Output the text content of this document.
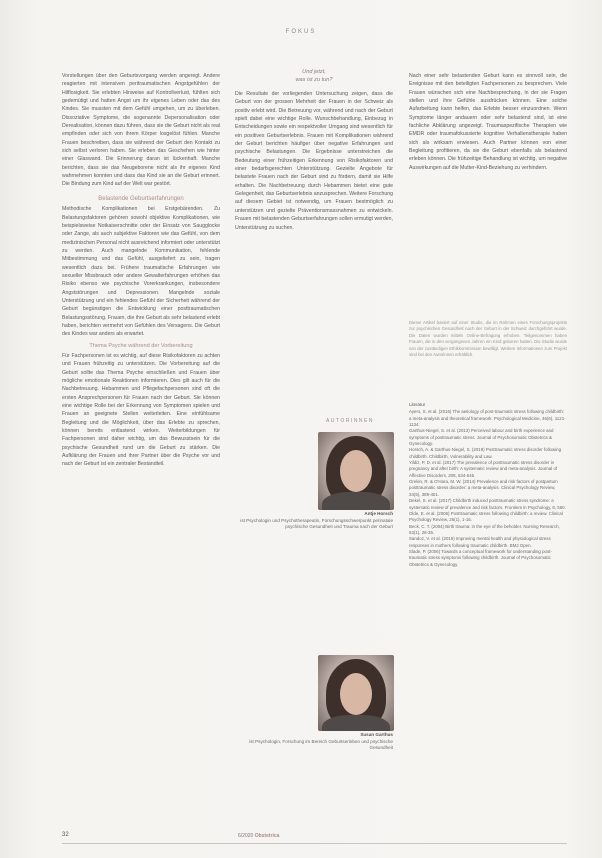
FOKUS

Vorstellungen über den Geburtsvorgang werden angeregt. Andere reagierten mit intensiven peritraumatischen Angstgefühlen der Hilflosigkeit. Sie erlebten Hinweise auf Kontrollverlust, fühlten sich gedemütigt und hatten Angst um ihr eigenes Leben oder das des Kindes. Sie mussten mit dem Gefühl umgehen, um zu überleben. Dissoziative Symptome, die sogenannte Depersonalisation oder Derealisation, können dazu führen, dass sie die Geburt nicht als real empfinden oder sich von ihrem Körper losgelöst fühlen. Manche Frauen beschreiben, dass sie während der Geburt den Kontakt zu sich selbst verloren haben. Sie erleben das Geschehen wie hinter einer Glaswand. Die Erinnerung daran ist lückenhaft. Manche berichten, dass sie das Neugeborene nicht als ihr eigenes Kind wahrnehmen konnten und dass das Kind sie an die Geburt erinnert. Die Bindung zum Kind auf der Welt war gestört.

Belastende Geburtserfahrungen

Methodische Komplikationen bei Erstgebärenden. Zu Belastungsfaktoren gehören sowohl objektive Komplikationen, wie beispielsweise Notkaiserschnitte oder der Einsatz von Saugglocke oder Zange, als auch subjektive Faktoren wie das Gefühl, von dem medizinischen Personal nicht ausreichend informiert oder unterstützt zu werden. Auch mangelnde Kommunikation, fehlende Mitbestimmung und das Gefühl, ausgeliefert zu sein, tragen wesentlich dazu bei. Frühere traumatische Erfahrungen wie sexueller Missbrauch oder andere Gewalterfahrungen erhöhen das Risiko ebenso wie psychische Vorerkrankungen, insbesondere Angststörungen und Depressionen. Mangelnde soziale Unterstützung und ein fehlendes Gefühl der Sicherheit während der Geburt begünstigen die Entwicklung einer posttraumatischen Belastungsstörung. Frauen, die ihre Geburt als sehr belastend erlebt haben, berichten vermehrt von Gefühlen des Versagens. Die Geburt des Kindes war anders als erwartet.

Thema Psyche während der Vorbereitung

Für Fachpersonen ist es wichtig, auf diese Risikofaktoren zu achten und Frauen frühzeitig zu unterstützen. Die Vorbereitung auf die Geburt sollte das Thema Psyche einschließen und Frauen über mögliche emotionale Reaktionen informieren. Dies gilt auch für die Nachbetreuung. Hebammen und Pflegefachpersonen sind oft die ersten Ansprechpersonen für Frauen nach der Geburt. Sie können eine wichtige Rolle bei der Erkennung von Symptomen spielen und Frauen an geeignete Stellen weiterleiten. Eine einfühlsame Begleitung und die Möglichkeit, über das Erlebte zu sprechen, können bereits entlastend wirken. Weiterbildungen für Fachpersonen sind daher wichtig, um das Bewusstsein für die psychische Gesundheit rund um die Geburt zu stärken. Die Aufklärung der Frauen und ihrer Partner über die Psyche vor und nach der Geburt ist ein zentraler Bestandteil.

Und jetzt,
was ist zu tun?

Die Resultate der vorliegenden Untersuchung zeigen, dass die Geburt von der grossen Mehrheit der Frauen in der Schweiz als positiv erlebt wird. Die Betreuung vor, während und nach der Geburt spielt dabei eine wichtige Rolle. Wunschbehandlung, Einbezug in Entscheidungen sowie ein respektvoller Umgang sind wesentlich für ein positives Geburtserlebnis. Frauen mit Komplikationen während der Geburt berichten häufiger über negative Erfahrungen und psychische Belastungen. Die Ergebnisse unterstreichen die Bedeutung einer frühzeitigen Erkennung von Risikofaktoren und einer bedarfsgerechten Unterstützung. Gezielte Angebote für belastete Frauen nach der Geburt sind zu fördern, damit sie Hilfe erhalten. Die Nachbetreuung durch Hebammen bietet eine gute Gelegenheit, das Geburtserlebnis anzusprechen. Weitere Forschung auf diesem Gebiet ist notwendig, um Frauen bestmöglich zu unterstützen und gezielte Präventionsmassnahmen zu entwickeln. Frauen mit belastenden Geburtserfahrungen sollen ermutigt werden, Unterstützung zu suchen.

Nach einer sehr belastenden Geburt kann es sinnvoll sein, die Ereignisse mit den beteiligten Fachpersonen zu besprechen. Viele Frauen wünschen sich eine Nachbesprechung, in der sie Fragen stellen und ihre Gefühle ausdrücken können. Eine solche Aufarbeitung kann helfen, das Erlebte besser einzuordnen. Wenn Symptome länger andauern oder sehr belastend sind, ist eine fachliche Abklärung angezeigt. Traumaspezifische Therapien wie EMDR oder traumafokussierte kognitive Verhaltenstherapie haben sich als wirksam erwiesen. Auch Partner können von einer Begleitung profitieren, da sie die Geburt ebenfalls als belastend erleben können. Die frühzeitige Behandlung ist wichtig, um negative Auswirkungen auf die Mutter-Kind-Beziehung zu verhindern.

Dieser Artikel basiert auf einer Studie, die im Rahmen eines Forschungsprojekts zur psychischen Gesundheit nach der Geburt in der Schweiz durchgeführt wurde. Die Daten wurden mittels Online-Befragung erhoben. Teilgenommen haben Frauen, die in den vergangenen Jahren ein Kind geboren hatten. Die Studie wurde von der zuständigen Ethikkommission bewilligt. Weitere Informationen zum Projekt sind bei den Autorinnen erhältlich.
AUTORINNEN
Antje Horsch
ist Psychologin und Psychotherapeutin, Forschungsschwerpunkt perinatale psychische Gesundheit und Trauma nach der Geburt
Susan Garthus
ist Psychologin, Forschung im Bereich Geburtserleben und psychische Gesundheit
Literatur

Ayers, S. et al. (2016) The aetiology of post-traumatic stress following childbirth: a meta-analysis and theoretical framework. Psychological Medicine, 46(6), 1121-1134.

Garthus-Niegel, S. et al. (2013) Perceived labour and birth experience and symptoms of posttraumatic stress. Journal of Psychosomatic Obstetrics & Gynecology.

Horsch, A. & Garthus-Niegel, S. (2019) Posttraumatic stress disorder following childbirth. Childbirth, Vulnerability and Law.

Yildiz, P. D. et al. (2017) The prevalence of posttraumatic stress disorder in pregnancy and after birth: A systematic review and meta-analysis. Journal of Affective Disorders, 208, 634-645.

Grekin, R. & O'Hara, M. W. (2014) Prevalence and risk factors of postpartum posttraumatic stress disorder: a meta-analysis. Clinical Psychology Review, 34(5), 389-401.

Dekel, S. et al. (2017) Childbirth induced posttraumatic stress syndrome: a systematic review of prevalence and risk factors. Frontiers in Psychology, 8, 560.

Olde, E. et al. (2006) Posttraumatic stress following childbirth: a review. Clinical Psychology Review, 26(1), 1-16.

Beck, C. T. (2004) Birth trauma: in the eye of the beholder. Nursing Research, 53(1), 28-35.

Sandoz, V. et al. (2019) Improving mental health and physiological stress responses in mothers following traumatic childbirth. BMJ Open.

Slade, P. (2006) Towards a conceptual framework for understanding post-traumatic stress symptoms following childbirth. Journal of Psychosomatic Obstetrics & Gynecology.

32	6/2020 Obstetrica
